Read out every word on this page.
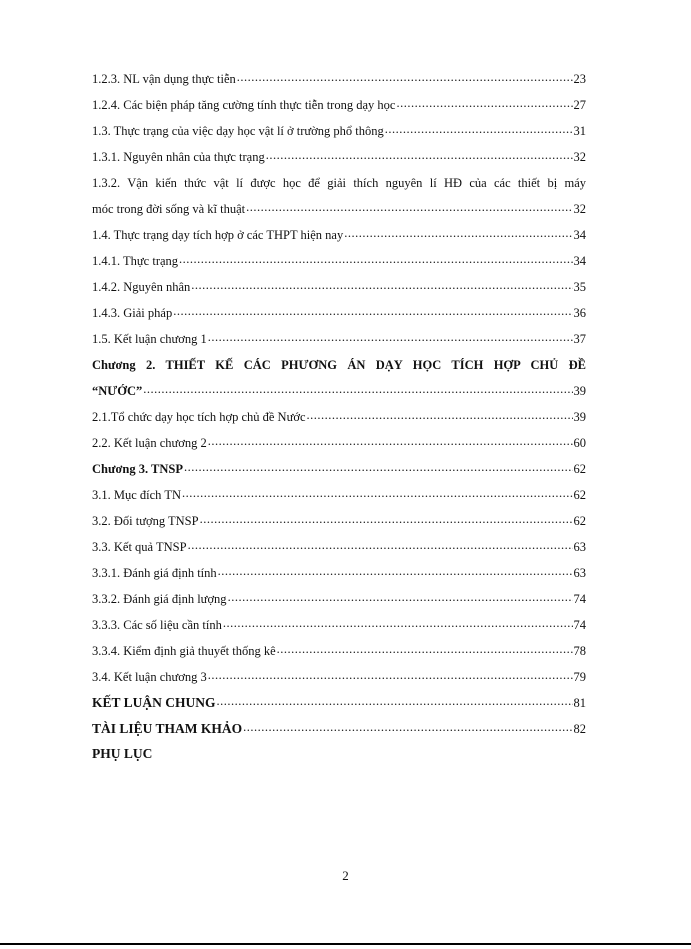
1.2.3. NL vận dụng thực tiễn .....	23
1.2.4. Các biện pháp tăng cường tính thực tiễn trong dạy học .....	27
1.3. Thực trạng của việc dạy học vật lí ở trường phổ thông .....	31
1.3.1. Nguyên nhân của thực trạng .....	32
1.3.2. Vận kiến thức vật lí được học để giải thích nguyên lí HĐ của các thiết bị máy
móc trong đời sống và kĩ thuật .....	32
1.4. Thực trạng dạy tích hợp ở các THPT hiện nay .....	34
1.4.1. Thực trạng .....	34
1.4.2. Nguyên nhân .....	35
1.4.3. Giải pháp .....	36
1.5. Kết luận chương 1 .....	37
Chương 2. THIẾT KẾ CÁC PHƯƠNG ÁN DẠY HỌC TÍCH HỢP CHỦ ĐỀ
“NƯỚC” .....	39
2.1.Tổ chức dạy học tích hợp chủ đề Nước .....	39
2.2. Kết luận chương 2 .....	60
Chương 3. TNSP .....	62
3.1. Mục đích TN .....	62
3.2. Đối tượng TNSP .....	62
3.3. Kết quả TNSP .....	63
3.3.1. Đánh giá định tính .....	63
3.3.2. Đánh giá định lượng .....	74
3.3.3. Các số liệu cần tính .....	74
3.3.4. Kiểm định giả thuyết thống kê .....	78
3.4. Kết luận chương 3 .....	79
KẾT LUẬN CHUNG .....	81
TÀI LIỆU THAM KHẢO .....	82
PHỤ LỤC
2
